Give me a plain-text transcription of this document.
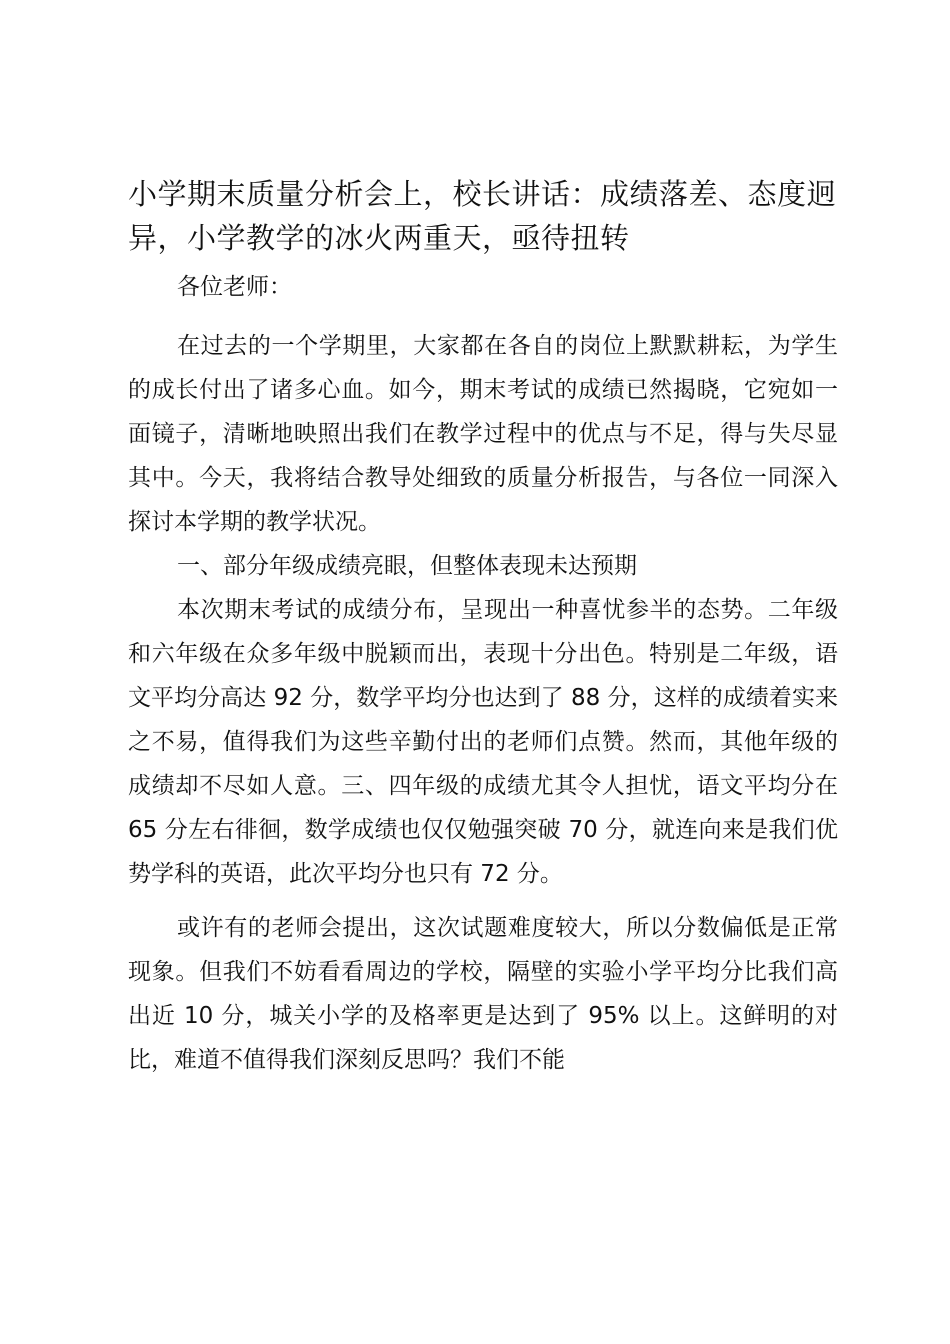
小学期末质量分析会上，校长讲话：成绩落差、态度迥异，小学教学的冰火两重天，亟待扭转

各位老师：

在过去的一个学期里，大家都在各自的岗位上默默耕耘，为学生的成长付出了诸多心血。如今，期末考试的成绩已然揭晓，它宛如一面镜子，清晰地映照出我们在教学过程中的优点与不足，得与失尽显其中。今天，我将结合教导处细致的质量分析报告，与各位一同深入探讨本学期的教学状况。

一、部分年级成绩亮眼，但整体表现未达预期

本次期末考试的成绩分布，呈现出一种喜忧参半的态势。二年级和六年级在众多年级中脱颖而出，表现十分出色。特别是二年级，语文平均分高达 92 分，数学平均分也达到了 88 分，这样的成绩着实来之不易，值得我们为这些辛勤付出的老师们点赞。然而，其他年级的成绩却不尽如人意。三、四年级的成绩尤其令人担忧，语文平均分在 65 分左右徘徊，数学成绩也仅仅勉强突破 70 分，就连向来是我们优势学科的英语，此次平均分也只有 72 分。

或许有的老师会提出，这次试题难度较大，所以分数偏低是正常现象。但我们不妨看看周边的学校，隔壁的实验小学平均分比我们高出近 10 分，城关小学的及格率更是达到了 95% 以上。这鲜明的对比，难道不值得我们深刻反思吗？我们不能
